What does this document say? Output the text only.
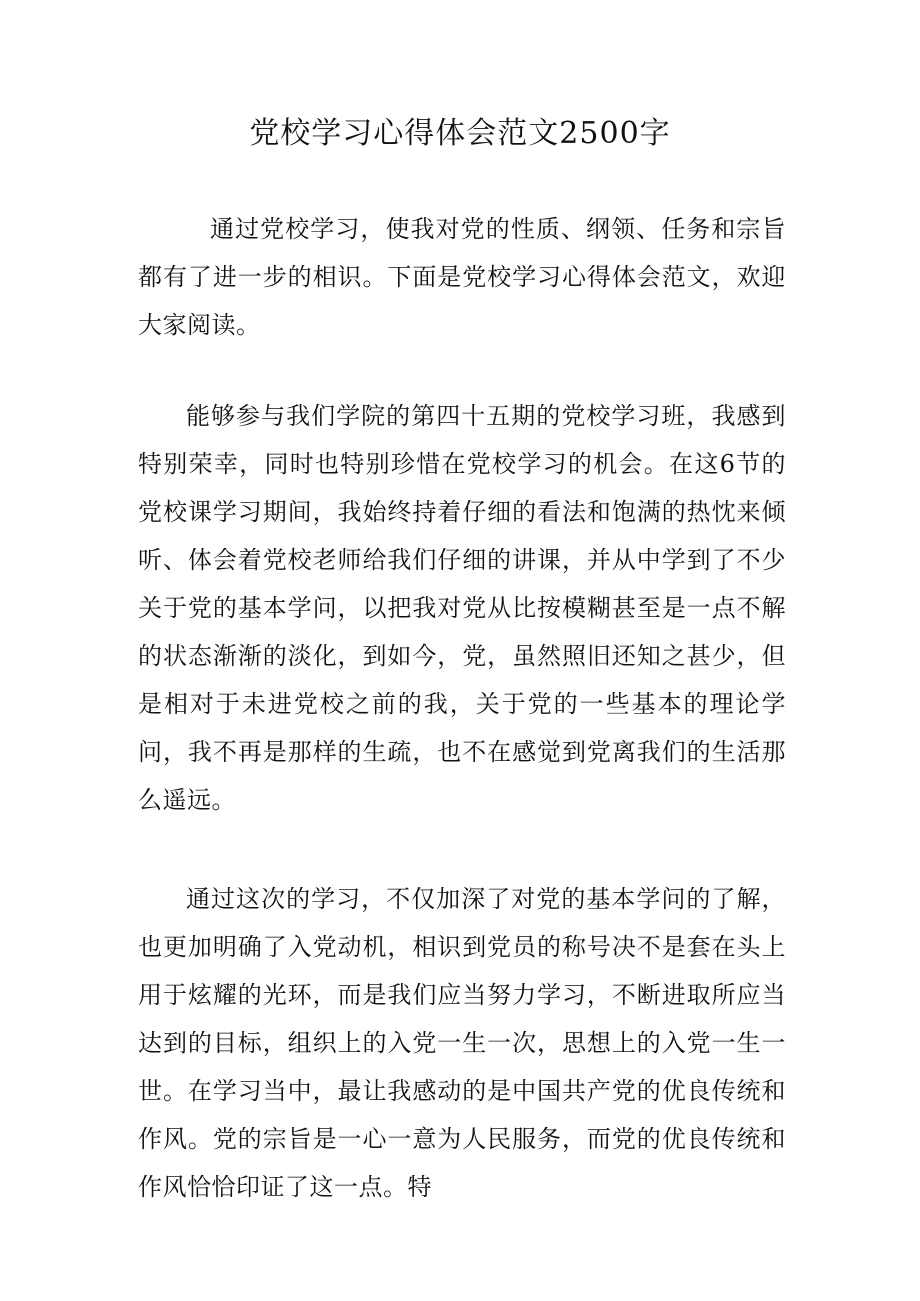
党校学习心得体会范文2500字

通过党校学习，使我对党的性质、纲领、任务和宗旨都有了进一步的相识。下面是党校学习心得体会范文，欢迎大家阅读。

能够参与我们学院的第四十五期的党校学习班，我感到特别荣幸，同时也特别珍惜在党校学习的机会。在这6节的党校课学习期间，我始终持着仔细的看法和饱满的热忱来倾听、体会着党校老师给我们仔细的讲课，并从中学到了不少关于党的基本学问，以把我对党从比按模糊甚至是一点不解的状态渐渐的淡化，到如今，党，虽然照旧还知之甚少，但是相对于未进党校之前的我，关于党的一些基本的理论学问，我不再是那样的生疏，也不在感觉到党离我们的生活那么遥远。

通过这次的学习，不仅加深了对党的基本学问的了解，也更加明确了入党动机，相识到党员的称号决不是套在头上用于炫耀的光环，而是我们应当努力学习，不断进取所应当达到的目标，组织上的入党一生一次，思想上的入党一生一世。在学习当中，最让我感动的是中国共产党的优良传统和作风。党的宗旨是一心一意为人民服务，而党的优良传统和作风恰恰印证了这一点。特
